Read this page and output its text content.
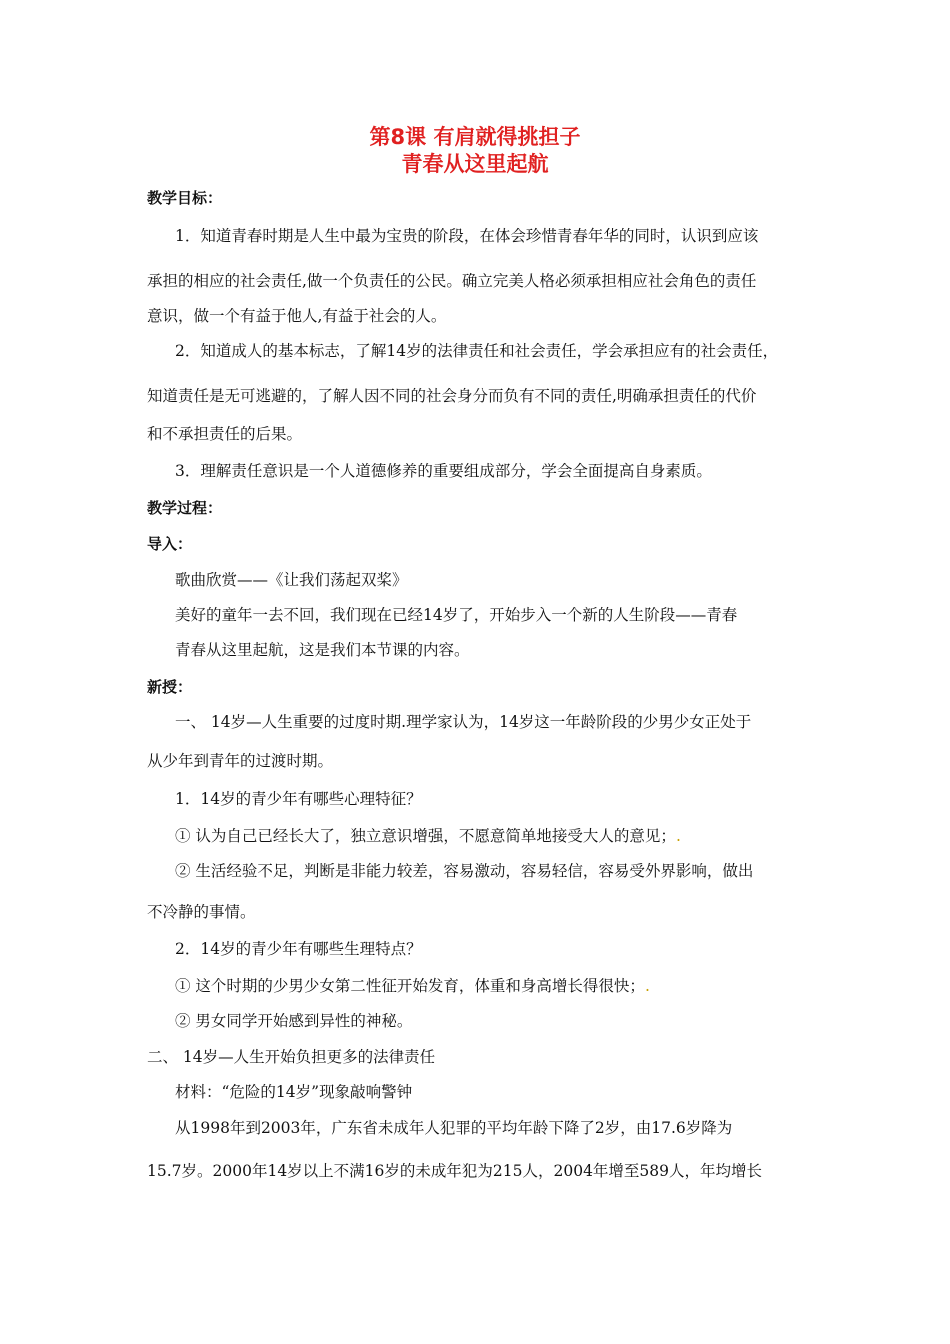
第8课 有肩就得挑担子
青春从这里起航
教学目标：
1．知道青春时期是人生中最为宝贵的阶段，在体会珍惜青春年华的同时，认识到应该
承担的相应的社会责任,做一个负责任的公民。确立完美人格必须承担相应社会角色的责任
意识，做一个有益于他人,有益于社会的人。
2．知道成人的基本标志，了解14岁的法律责任和社会责任，学会承担应有的社会责任，
知道责任是无可逃避的，了解人因不同的社会身分而负有不同的责任,明确承担责任的代价
和不承担责任的后果。
3．理解责任意识是一个人道德修养的重要组成部分，学会全面提高自身素质。
教学过程：
导入：
歌曲欣赏——《让我们荡起双桨》
美好的童年一去不回，我们现在已经14岁了，开始步入一个新的人生阶段——青春
青春从这里起航，这是我们本节课的内容。
新授：
一、 14岁—人生重要的过度时期.理学家认为，14岁这一年龄阶段的少男少女正处于
从少年到青年的过渡时期。
1．14岁的青少年有哪些心理特征？
① 认为自己已经长大了，独立意识增强，不愿意简单地接受大人的意见；.
② 生活经验不足，判断是非能力较差，容易激动，容易轻信，容易受外界影响，做出
不冷静的事情。
2．14岁的青少年有哪些生理特点？
① 这个时期的少男少女第二性征开始发育，体重和身高增长得很快；.
② 男女同学开始感到异性的神秘。
二、 14岁—人生开始负担更多的法律责任
材料：“危险的14岁”现象敲响警钟
从1998年到2003年，广东省未成年人犯罪的平均年龄下降了2岁，由17.6岁降为
15.7岁。2000年14岁以上不满16岁的未成年犯为215人，2004年增至589人，年均增长
